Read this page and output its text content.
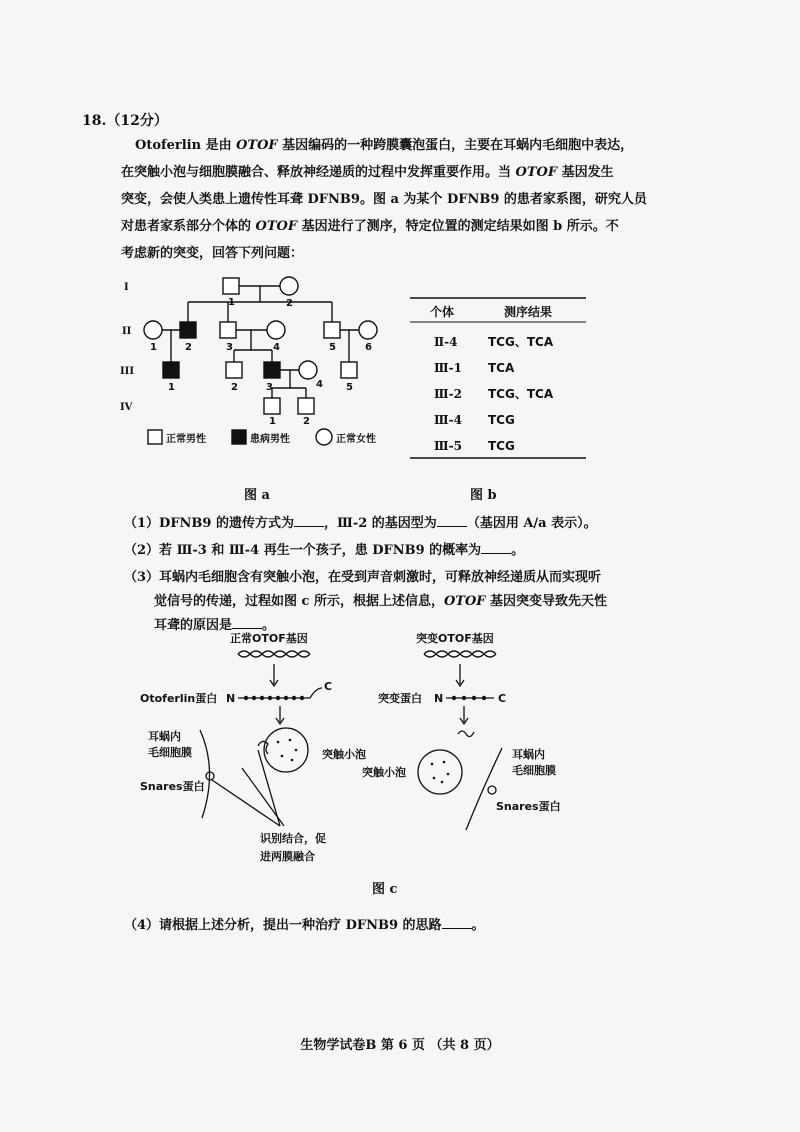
18.（12分）

Otoferlin 是由 OTOF 基因编码的一种跨膜囊泡蛋白，主要在耳蜗内毛细胞中表达，

在突触小泡与细胞膜融合、释放神经递质的过程中发挥重要作用。当 OTOF 基因发生

突变，会使人类患上遗传性耳聋 DFNB9。图 a 为某个 DFNB9 的患者家系图，研究人员

对患者家系部分个体的 OTOF 基因进行了测序，特定位置的测定结果如图 b 所示。不

考虑新的突变，回答下列问题：

I
II
III
IV
1	2
1	2	3	4	5	6
1	2	3	4 5
1	2
正常男性	患病男性	正常女性
图 a
个体	测序结果
Ⅱ-4	TCG、TCA
Ⅲ-1 TCA
Ⅲ-2 TCG、TCA
Ⅲ-4 TCG
Ⅲ-5 TCG
图 b
（1）DFNB9 的遗传方式为 ，Ⅲ-2 的基因型为 （基因用 A/a 表示）。
（2）若 Ⅲ-3 和 Ⅲ-4 再生一个孩子，患 DFNB9 的概率为 。
（3）耳蜗内毛细胞含有突触小泡，在受到声音刺激时，可释放神经递质从而实现听
觉信号的传递，过程如图 c 所示，根据上述信息，OTOF 基因突变导致先天性
耳聋的原因是 。
正常OTOF基因	突变OTOF基因
Otoferlin蛋白	突变蛋白
N
C
N	C
耳蜗内
毛细胞膜
Snares蛋白
突触小泡
突触小泡
耳蜗内
毛细胞膜
Snares蛋白
识别结合，促
进两膜融合
图 c
（4）请根据上述分析，提出一种治疗 DFNB9 的思路 。
生物学试卷B 第 6 页 （共 8 页）
